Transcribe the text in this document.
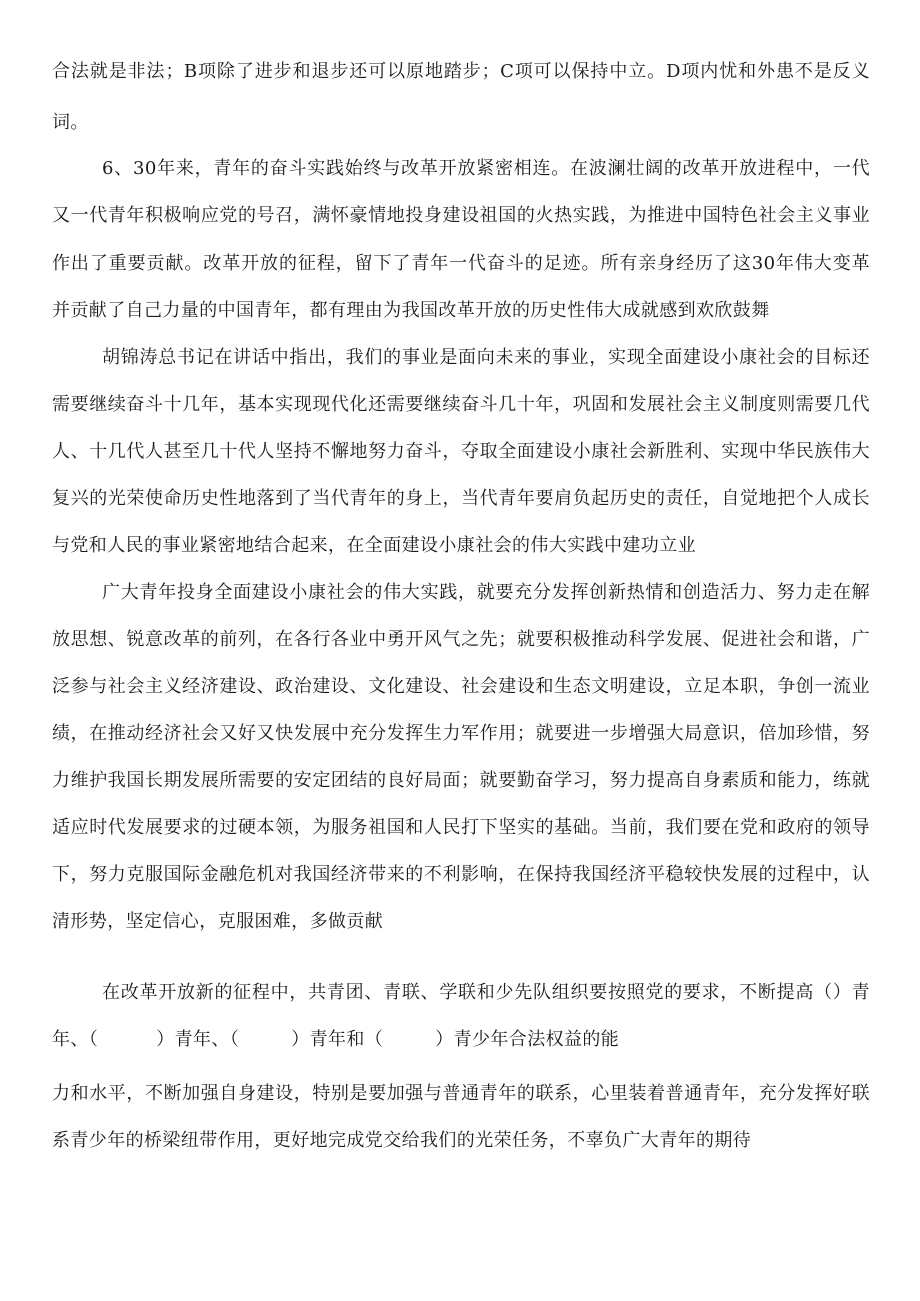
合法就是非法；B项除了进步和退步还可以原地踏步；C项可以保持中立。D项内忧和外患不是反义
词。
6、30年来，青年的奋斗实践始终与改革开放紧密相连。在波澜壮阔的改革开放进程中，一代
又一代青年积极响应党的号召，满怀豪情地投身建设祖国的火热实践，为推进中国特色社会主义事业
作出了重要贡献。改革开放的征程，留下了青年一代奋斗的足迹。所有亲身经历了这30年伟大变革
并贡献了自己力量的中国青年，都有理由为我国改革开放的历史性伟大成就感到欢欣鼓舞
胡锦涛总书记在讲话中指出，我们的事业是面向未来的事业，实现全面建设小康社会的目标还
需要继续奋斗十几年，基本实现现代化还需要继续奋斗几十年，巩固和发展社会主义制度则需要几代
人、十几代人甚至几十代人坚持不懈地努力奋斗，夺取全面建设小康社会新胜利、实现中华民族伟大
复兴的光荣使命历史性地落到了当代青年的身上，当代青年要肩负起历史的责任，自觉地把个人成长
与党和人民的事业紧密地结合起来，在全面建设小康社会的伟大实践中建功立业
广大青年投身全面建设小康社会的伟大实践，就要充分发挥创新热情和创造活力、努力走在解
放思想、锐意改革的前列，在各行各业中勇开风气之先；就要积极推动科学发展、促进社会和谐，广
泛参与社会主义经济建设、政治建设、文化建设、社会建设和生态文明建设，立足本职，争创一流业
绩，在推动经济社会又好又快发展中充分发挥生力军作用；就要进一步增强大局意识，倍加珍惜，努
力维护我国长期发展所需要的安定团结的良好局面；就要勤奋学习，努力提高自身素质和能力，练就
适应时代发展要求的过硬本领，为服务祖国和人民打下坚实的基础。当前，我们要在党和政府的领导
下，努力克服国际金融危机对我国经济带来的不利影响，在保持我国经济平稳较快发展的过程中，认
清形势，坚定信心，克服困难，多做贡献
在改革开放新的征程中，共青团、青联、学联和少先队组织要按照党的要求，不断提高（）青
年、（	）青年、（	）青年和（	）青少年合法权益的能
力和水平，不断加强自身建设，特别是要加强与普通青年的联系，心里装着普通青年，充分发挥好联
系青少年的桥梁纽带作用，更好地完成党交给我们的光荣任务，不辜负广大青年的期待
